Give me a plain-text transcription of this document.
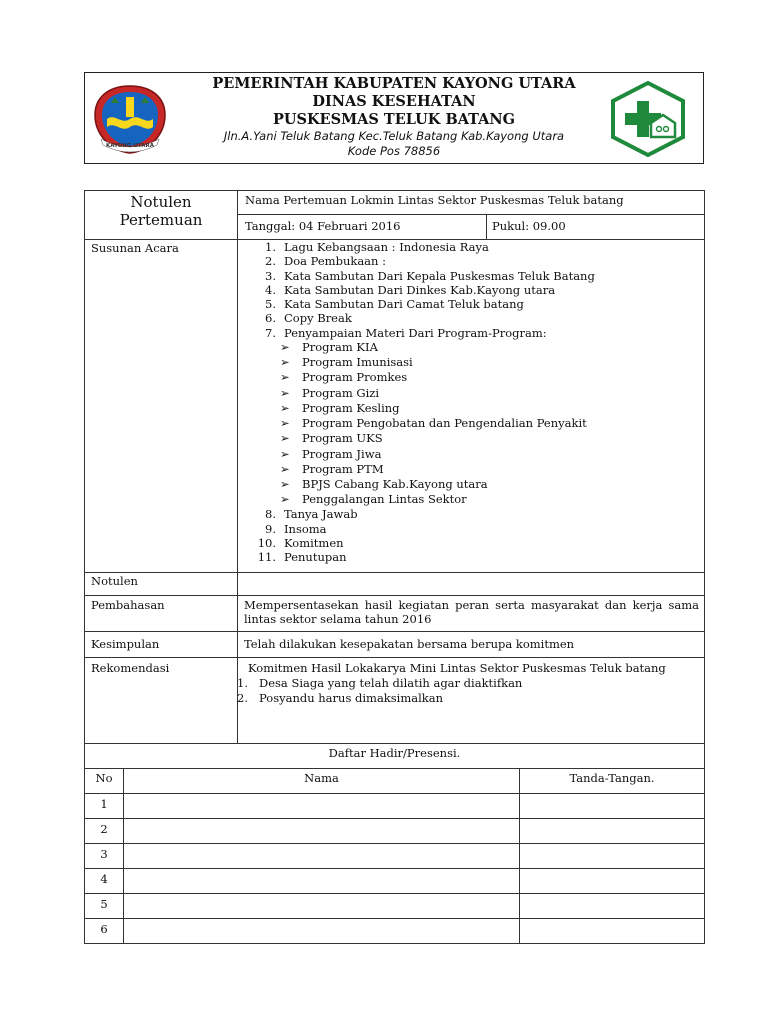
KAYONG UTARA
PEMERINTAH KABUPATEN KAYONG UTARA
DINAS KESEHATAN
PUSKESMAS TELUK BATANG
Jln.A.Yani Teluk Batang Kec.Teluk Batang Kab.Kayong Utara
Kode Pos 78856
Notulen
Pertemuan
Nama Pertemuan Lokmin Lintas Sektor Puskesmas Teluk batang
Tanggal: 04 Februari 2016	Pukul: 09.00
Susunan Acara	1. Lagu Kebangsaan : Indonesia Raya
2. Doa Pembukaan :
3. Kata Sambutan Dari Kepala Puskesmas Teluk Batang
4. Kata Sambutan Dari Dinkes Kab.Kayong utara
5. Kata Sambutan Dari Camat Teluk batang
6. Copy Break
7. Penyampaian Materi Dari Program-Program:
➢ Program KIA
➢ Program Imunisasi
➢ Program Promkes
➢ Program Gizi
➢ Program Kesling
➢ Program Pengobatan dan Pengendalian Penyakit
➢ Program UKS
➢ Program Jiwa
➢ Program PTM
➢ BPJS Cabang Kab.Kayong utara
➢ Penggalangan Lintas Sektor
8. Tanya Jawab
9. Insoma
10. Komitmen
11. Penutupan
Notulen
Pembahasan	Mempersentasekan hasil kegiatan peran serta masyarakat dan kerja sama
lintas sektor selama tahun 2016
Kesimpulan	Telah dilakukan kesepakatan bersama berupa komitmen
Rekomendasi	Komitmen Hasil Lokakarya Mini Lintas Sektor Puskesmas Teluk batang
1. Desa Siaga yang telah dilatih agar diaktifkan
2. Posyandu harus dimaksimalkan
Daftar Hadir/Presensi.
No	Nama	Tanda-Tangan.
1
2
3
4
5
6
